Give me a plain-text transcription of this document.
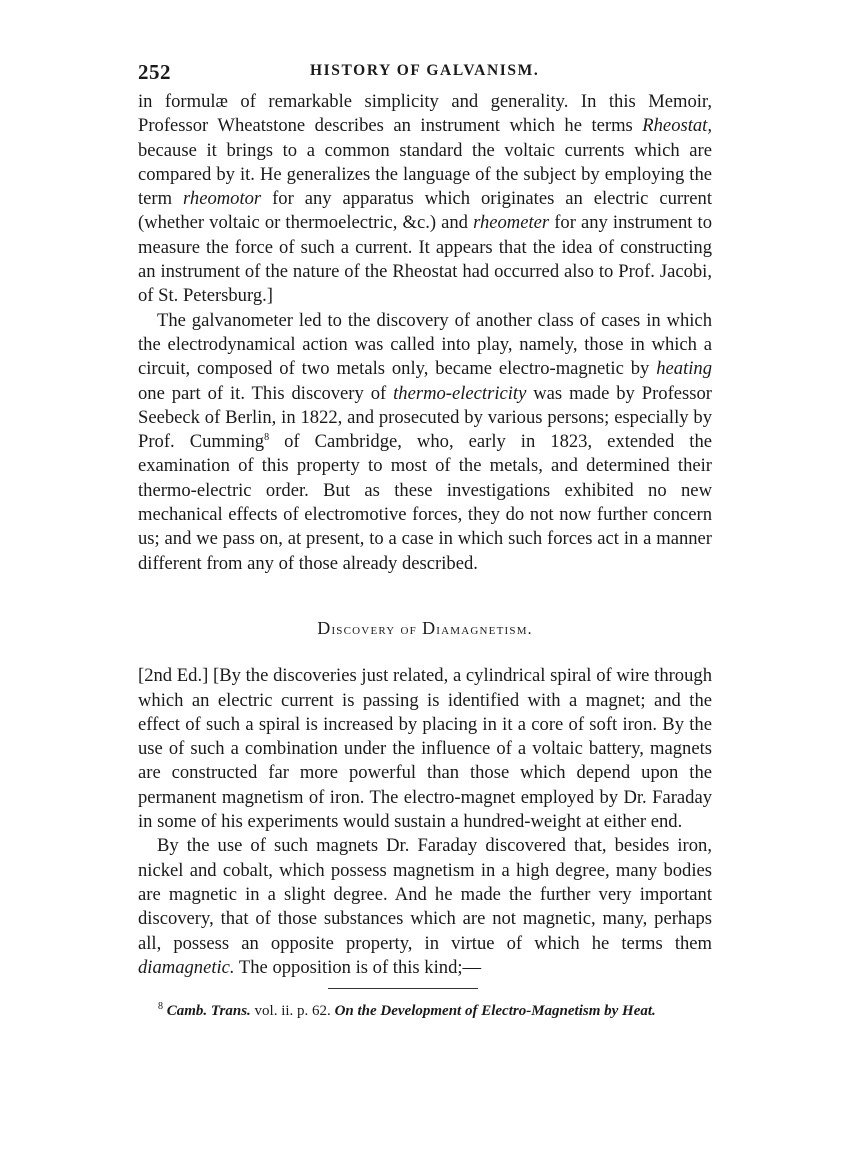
252	HISTORY OF GALVANISM.

in formulæ of remarkable simplicity and generality. In this Memoir, Professor Wheatstone describes an instrument which he terms Rheostat, because it brings to a common standard the voltaic currents which are compared by it. He generalizes the language of the subject by employing the term rheomotor for any apparatus which originates an electric current (whether voltaic or thermoelectric, &c.) and rheometer for any instrument to measure the force of such a current. It appears that the idea of constructing an instrument of the nature of the Rheostat had occurred also to Prof. Jacobi, of St. Petersburg.]

The galvanometer led to the discovery of another class of cases in which the electrodynamical action was called into play, namely, those in which a circuit, composed of two metals only, became electro-magnetic by heating one part of it. This discovery of thermo-electricity was made by Professor Seebeck of Berlin, in 1822, and prosecuted by various persons; especially by Prof. Cumming$^8$ of Cambridge, who, early in 1823, extended the examination of this property to most of the metals, and determined their thermo-electric order. But as these investigations exhibited no new mechanical effects of electromotive forces, they do not now further concern us; and we pass on, at present, to a case in which such forces act in a manner different from any of those already described.

Discovery of Diamagnetism.

[2nd Ed.] [By the discoveries just related, a cylindrical spiral of wire through which an electric current is passing is identified with a magnet; and the effect of such a spiral is increased by placing in it a core of soft iron. By the use of such a combination under the influence of a voltaic battery, magnets are constructed far more powerful than those which depend upon the permanent magnetism of iron. The electro-magnet employed by Dr. Faraday in some of his experiments would sustain a hundred-weight at either end.

By the use of such magnets Dr. Faraday discovered that, besides iron, nickel and cobalt, which possess magnetism in a high degree, many bodies are magnetic in a slight degree. And he made the further very important discovery, that of those substances which are not magnetic, many, perhaps all, possess an opposite property, in virtue of which he terms them diamagnetic. The opposition is of this kind;—

$^8$ Camb. Trans. vol. ii. p. 62. On the Development of Electro-Magnetism by Heat.
